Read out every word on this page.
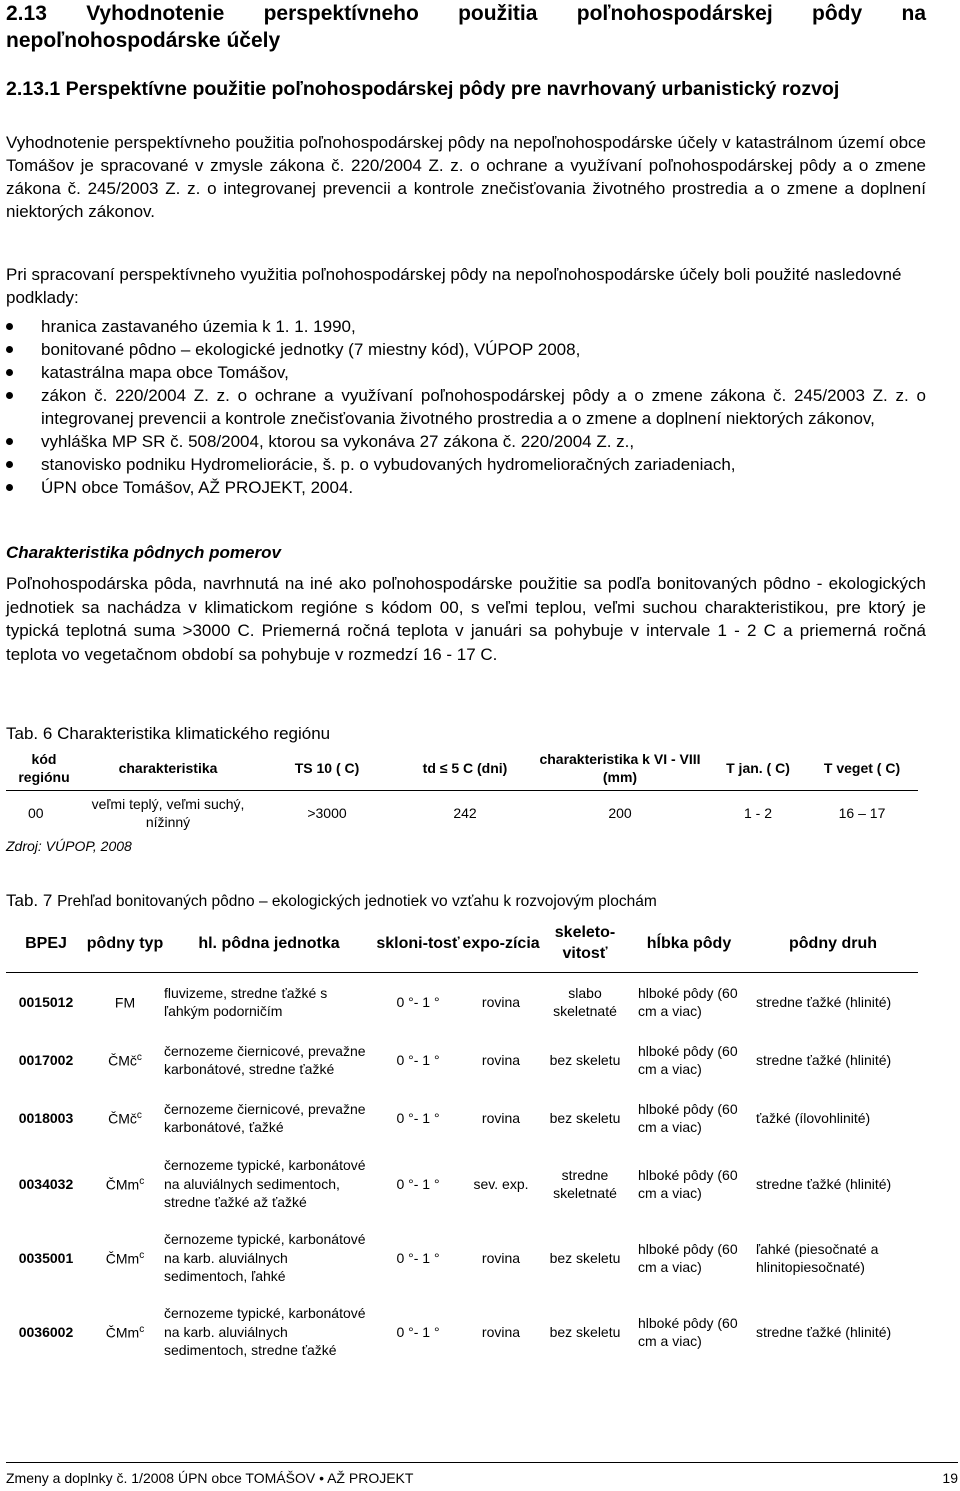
2.13 Vyhodnotenie perspektívneho použitia poľnohospodárskej pôdy na nepoľnohospodárske účely
2.13.1 Perspektívne použitie poľnohospodárskej pôdy pre navrhovaný urbanistický rozvoj
Vyhodnotenie perspektívneho použitia poľnohospodárskej pôdy na nepoľnohospodárske účely v katastrálnom území obce Tomášov je spracované v zmysle zákona č. 220/2004 Z. z. o ochrane a využívaní poľnohospodárskej pôdy a o zmene zákona č. 245/2003 Z. z. o integrovanej prevencii a kontrole znečisťovania životného prostredia a o zmene a doplnení niektorých zákonov.
Pri spracovaní perspektívneho využitia poľnohospodárskej pôdy na nepoľnohospodárske účely boli použité nasledovné podklady:
hranica zastavaného územia k 1. 1. 1990,
bonitované pôdno – ekologické jednotky (7 miestny kód), VÚPOP 2008,
katastrálna mapa obce Tomášov,
zákon č. 220/2004 Z. z. o ochrane a využívaní poľnohospodárskej pôdy a o zmene zákona č. 245/2003 Z. z. o integrovanej prevencii a kontrole znečisťovania životného prostredia a o zmene a doplnení niektorých zákonov,
vyhláška MP SR č. 508/2004, ktorou sa vykonáva 27 zákona č. 220/2004 Z. z.,
stanovisko podniku Hydromeliorácie, š. p. o vybudovaných hydromelioračných zariadeniach,
ÚPN obce Tomášov, AŽ PROJEKT, 2004.
Charakteristika pôdnych pomerov
Poľnohospodárska pôda, navrhnutá na iné ako poľnohospodárske použitie sa podľa bonitovaných pôdno - ekologických jednotiek sa nachádza v klimatickom regióne s kódom 00, s veľmi teplou, veľmi suchou charakteristikou, pre ktorý je typická teplotná suma >3000 C. Priemerná ročná teplota v januári sa pohybuje v intervale 1 - 2 C a priemerná ročná teplota vo vegetačnom období sa pohybuje v rozmedzí 16 - 17 C.
Tab. 6 Charakteristika klimatického regiónu
kód regiónu	charakteristika	TS 10 ( C)	td ≤ 5 C (dni)	charakteristika k VI - VIII (mm)	T jan. ( C)	T veget ( C)
00	veľmi teplý, veľmi suchý, nížinný	>3000	242	200	1 - 2	16 – 17
Zdroj: VÚPOP, 2008
Tab. 7 Prehľad bonitovaných pôdno – ekologických jednotiek vo vzťahu k rozvojovým plochám
BPEJ	pôdny typ	hl. pôdna jednotka	skloni-tosť	expo-zícia	skeleto-vitosť	hĺbka pôdy	pôdny druh
0015012	FM	fluvizeme, stredne ťažké s ľahkým podorničím	0 °- 1 °	rovina	slabo skeletnaté	hlboké pôdy (60 cm a viac)	stredne ťažké (hlinité)
0017002	ČMč$^c$	černozeme čiernicové, prevažne karbonátové, stredne ťažké	0 °- 1 °	rovina	bez skeletu	hlboké pôdy (60 cm a viac)	stredne ťažké (hlinité)
0018003	ČMč$^c$	černozeme čiernicové, prevažne karbonátové, ťažké	0 °- 1 °	rovina	bez skeletu	hlboké pôdy (60 cm a viac)	ťažké (ílovohlinité)
0034032	ČMm$^c$	černozeme typické, karbonátové na aluviálnych sedimentoch, stredne ťažké až ťažké	0 °- 1 °	sev. exp.	stredne skeletnaté	hlboké pôdy (60 cm a viac)	stredne ťažké (hlinité)
0035001	ČMm$^c$	černozeme typické, karbonátové na karb. aluviálnych sedimentoch, ľahké	0 °- 1 °	rovina	bez skeletu	hlboké pôdy (60 cm a viac)	ľahké (piesočnaté a hlinitopiesočnaté)
0036002	ČMm$^c$	černozeme typické, karbonátové na karb. aluviálnych sedimentoch, stredne ťažké	0 °- 1 °	rovina	bez skeletu	hlboké pôdy (60 cm a viac)	stredne ťažké (hlinité)
Zmeny a doplnky č. 1/2008 ÚPN obce TOMÁŠOV • AŽ PROJEKT	19
